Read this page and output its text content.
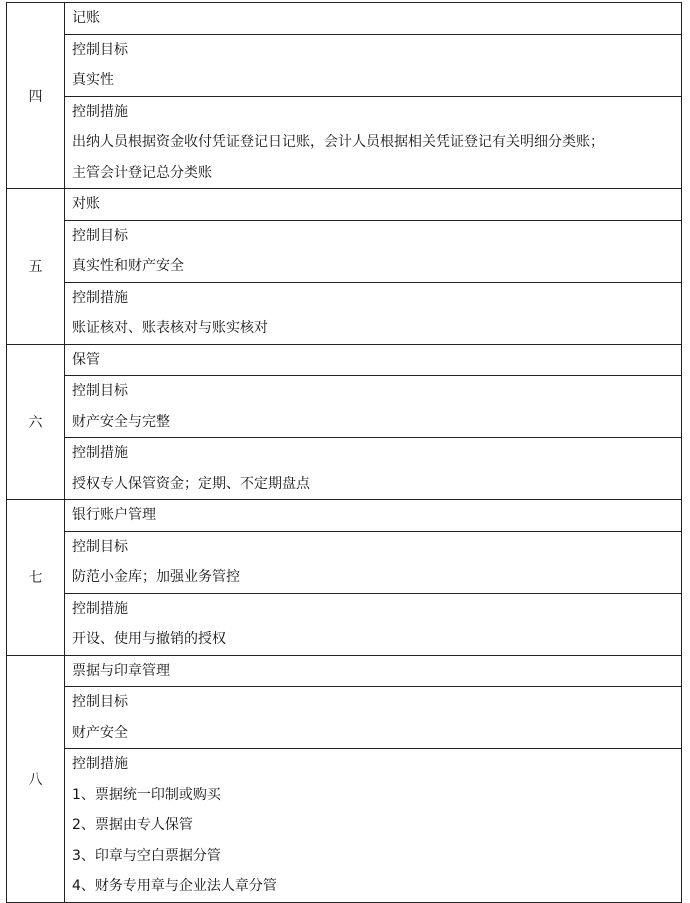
四	记账

	控制目标
真实性

	控制措施
出纳人员根据资金收付凭证登记日记账，会计人员根据相关凭证登记有关明细分类账；
主管会计登记总分类账

五	对账

	控制目标
真实性和财产安全

	控制措施
账证核对、账表核对与账实核对

六	保管

	控制目标
财产安全与完整

	控制措施
授权专人保管资金；定期、不定期盘点

七	银行账户管理

	控制目标
防范小金库；加强业务管控

	控制措施
开设、使用与撤销的授权

八	票据与印章管理

	控制目标
财产安全

	控制措施
1、票据统一印制或购买
2、票据由专人保管
3、印章与空白票据分管
4、财务专用章与企业法人章分管
